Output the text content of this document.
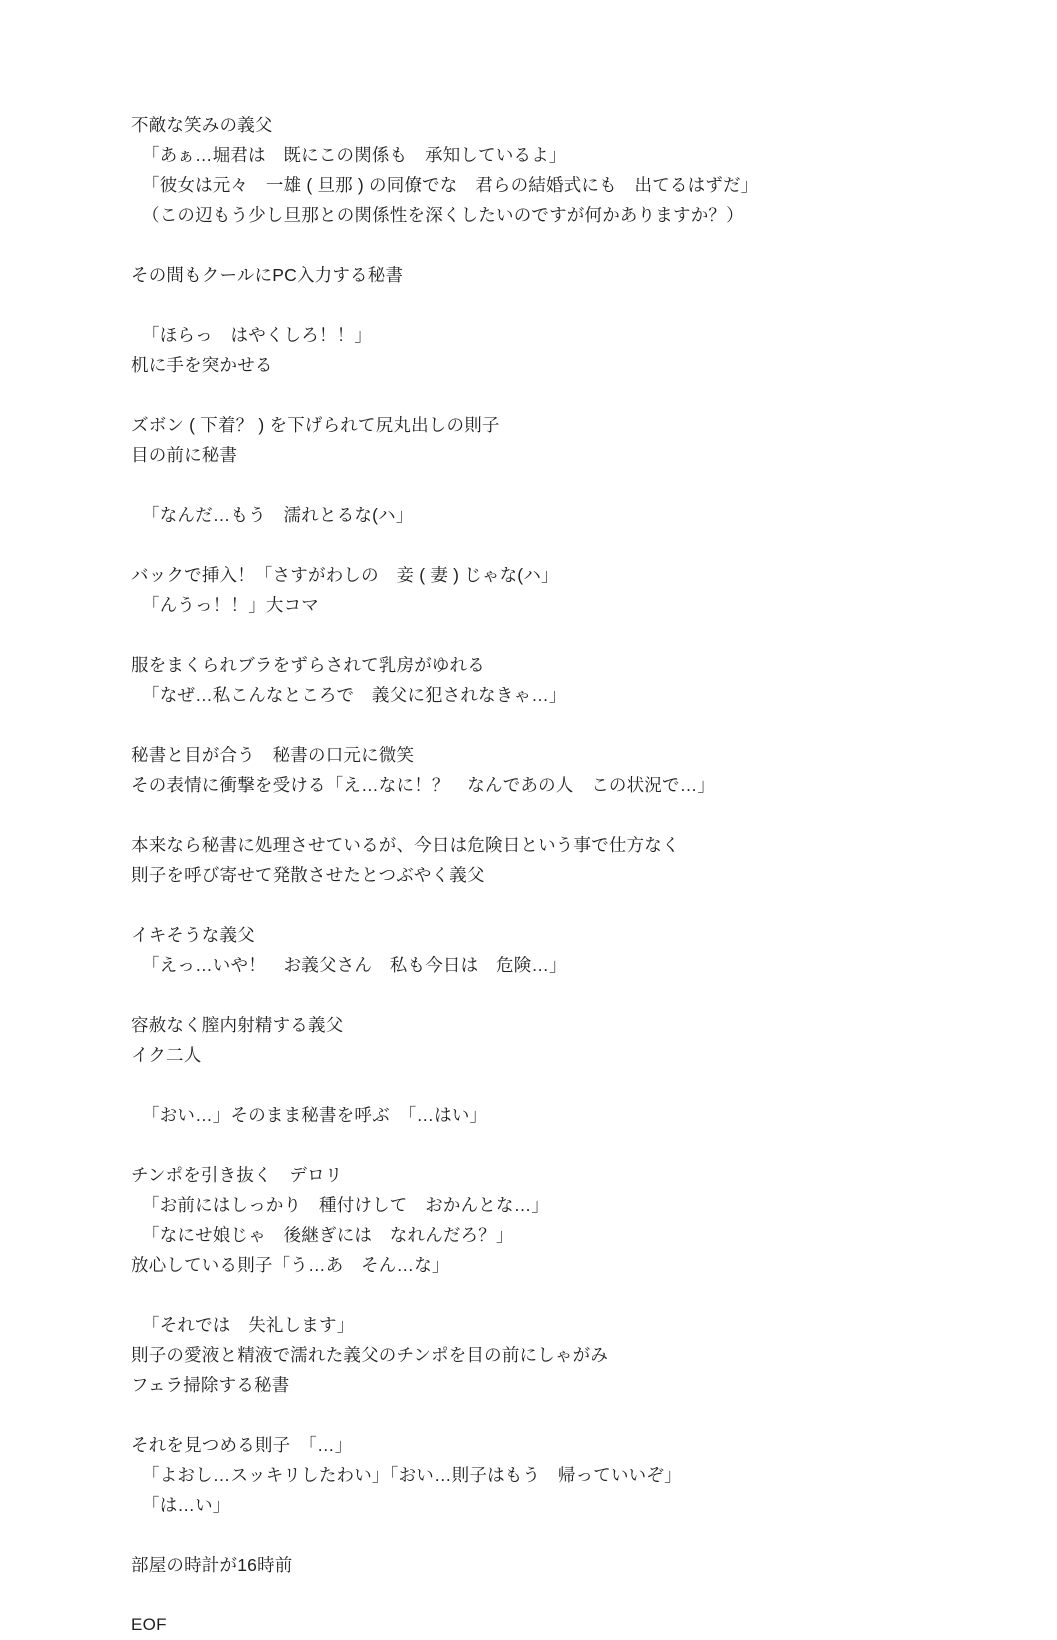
不敵な笑みの義父
「あぁ…堀君は　既にこの関係も　承知しているよ」
「彼女は元々　一雄 ( 旦那 ) の同僚でな　君らの結婚式にも　出てるはずだ」
（この辺もう少し旦那との関係性を深くしたいのですが何かありますか？）
その間もクールにPC入力する秘書
「ほらっ　はやくしろ！！」
机に手を突かせる
ズボン ( 下着？ ) を下げられて尻丸出しの則子
目の前に秘書
「なんだ…もう　濡れとるな(ハ」
バックで挿入！「さすがわしの　妾 ( 妻 ) じゃな(ハ」
「んうっ！！」大コマ
服をまくられブラをずらされて乳房がゆれる
「なぜ…私こんなところで　義父に犯されなきゃ…」
秘書と目が合う　秘書の口元に微笑
その表情に衝撃を受ける「え…なに！？　なんであの人　この状況で…」
本来なら秘書に処理させているが、今日は危険日という事で仕方なく
則子を呼び寄せて発散させたとつぶやく義父
イキそうな義父
「えっ…いや！　お義父さん　私も今日は　危険…」
容赦なく膣内射精する義父
イク二人
「おい…」そのまま秘書を呼ぶ　「…はい」
チンポを引き抜く　デロリ
「お前にはしっかり　種付けして　おかんとな…」
「なにせ娘じゃ　後継ぎには　なれんだろ？」
放心している則子「う…あ　そん…な」
「それでは　失礼します」
則子の愛液と精液で濡れた義父のチンポを目の前にしゃがみ
フェラ掃除する秘書
それを見つめる則子　「…」
「よおし…スッキリしたわい」「おい…則子はもう　帰っていいぞ」
「は…い」
部屋の時計が16時前
EOF
